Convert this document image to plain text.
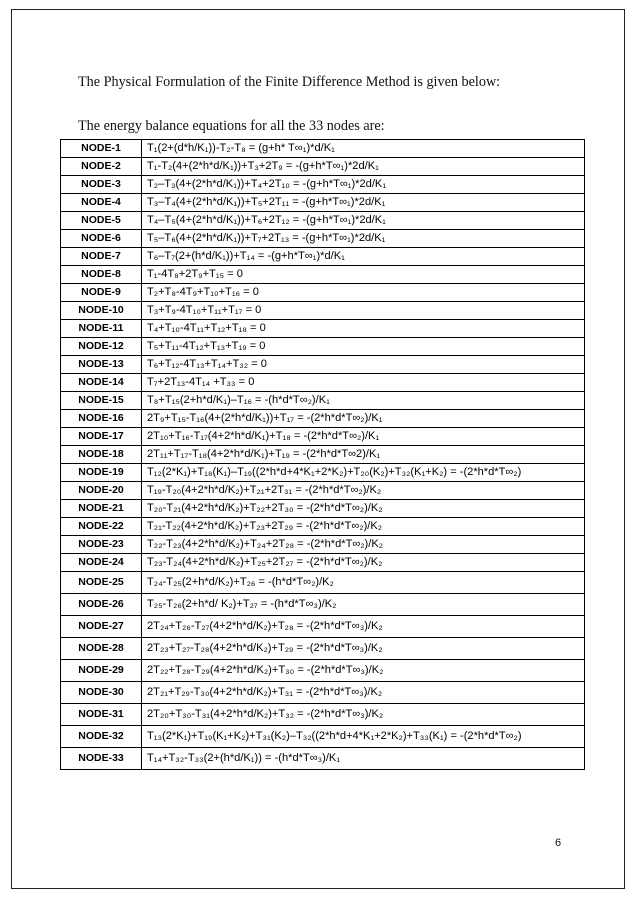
The Physical Formulation of the Finite Difference Method is given below:
The energy balance equations for all the 33 nodes are:
NODE-1	T₁(2+(d*h/K₁))-T₂-T₈ = (g+h* T∞₁)*d/K₁
NODE-2	T₁-T₂(4+(2*h*d/K₁))+T₃+2T₉ = -(g+h*T∞₁)*2d/K₁
NODE-3	T₂–T₃(4+(2*h*d/K₁))+T₄+2T₁₀ = -(g+h*T∞₁)*2d/K₁
NODE-4	T₃–T₄(4+(2*h*d/K₁))+T₅+2T₁₁ = -(g+h*T∞₁)*2d/K₁
NODE-5	T₄–T₅(4+(2*h*d/K₁))+T₆+2T₁₂ = -(g+h*T∞₁)*2d/K₁
NODE-6	T₅–T₆(4+(2*h*d/K₁))+T₇+2T₁₃ = -(g+h*T∞₁)*2d/K₁
NODE-7	T₆–T₇(2+(h*d/K₁))+T₁₄ = -(g+h*T∞₁)*d/K₁
NODE-8	T₁-4T₈+2T₉+T₁₅ = 0
NODE-9	T₂+T₈-4T₉+T₁₀+T₁₆ = 0
NODE-10	T₃+T₉-4T₁₀+T₁₁+T₁₇ = 0
NODE-11	T₄+T₁₀-4T₁₁+T₁₂+T₁₈ = 0
NODE-12	T₅+T₁₁-4T₁₂+T₁₃+T₁₉ = 0
NODE-13	T₆+T₁₂-4T₁₃+T₁₄+T₃₂ = 0
NODE-14	T₇+2T₁₃-4T₁₄ +T₃₃ = 0
NODE-15	T₈+T₁₅(2+h*d/K₁)–T₁₆ = -(h*d*T∞₂)/K₁
NODE-16	2T₉+T₁₅-T₁₆(4+(2*h*d/K₁))+T₁₇ = -(2*h*d*T∞₂)/K₁
NODE-17	2T₁₀+T₁₆-T₁₇(4+2*h*d/K₁)+T₁₈ = -(2*h*d*T∞₂)/K₁
NODE-18	2T₁₁+T₁₇-T₁₈(4+2*h*d/K₁)+T₁₉ = -(2*h*d*T∞2)/K₁
NODE-19	T₁₂(2*K₁)+T₁₈(K₁)–T₁₉((2*h*d+4*K₁+2*K₂)+T₂₀(K₂)+T₃₂(K₁+K₂) = -(2*h*d*T∞₂)
NODE-20	T₁₉-T₂₀(4+2*h*d/K₂)+T₂₁+2T₃₁ = -(2*h*d*T∞₂)/K₂
NODE-21	T₂₀-T₂₁(4+2*h*d/K₂)+T₂₂+2T₃₀ = -(2*h*d*T∞₂)/K₂
NODE-22	T₂₁-T₂₂(4+2*h*d/K₂)+T₂₃+2T₂₉ = -(2*h*d*T∞₂)/K₂
NODE-23	T₂₂-T₂₃(4+2*h*d/K₂)+T₂₄+2T₂₈ = -(2*h*d*T∞₂)/K₂
NODE-24	T₂₃-T₂₄(4+2*h*d/K₂)+T₂₅+2T₂₇ = -(2*h*d*T∞₂)/K₂
NODE-25	T₂₄-T₂₅(2+h*d/K₂)+T₂₆ = -(h*d*T∞₂)/K₂
NODE-26	T₂₅-T₂₆(2+h*d/ K₂)+T₂₇ = -(h*d*T∞₃)/K₂
NODE-27	2T₂₄+T₂₆-T₂₇(4+2*h*d/K₂)+T₂₈ = -(2*h*d*T∞₃)/K₂
NODE-28	2T₂₃+T₂₇-T₂₈(4+2*h*d/K₂)+T₂₉ = -(2*h*d*T∞₃)/K₂
NODE-29	2T₂₂+T₂₈-T₂₉(4+2*h*d/K₂)+T₃₀ = -(2*h*d*T∞₃)/K₂
NODE-30	2T₂₁+T₂₉-T₃₀(4+2*h*d/K₂)+T₃₁ = -(2*h*d*T∞₃)/K₂
NODE-31	2T₂₀+T₃₀-T₃₁(4+2*h*d/K₂)+T₃₂ = -(2*h*d*T∞₃)/K₂
NODE-32	T₁₃(2*K₁)+T₁₉(K₁+K₂)+T₃₁(K₂)–T₃₂((2*h*d+4*K₁+2*K₂)+T₃₃(K₁) = -(2*h*d*T∞₂)
NODE-33	T₁₄+T₃₂-T₃₃(2+(h*d/K₁)) = -(h*d*T∞₃)/K₁
6
